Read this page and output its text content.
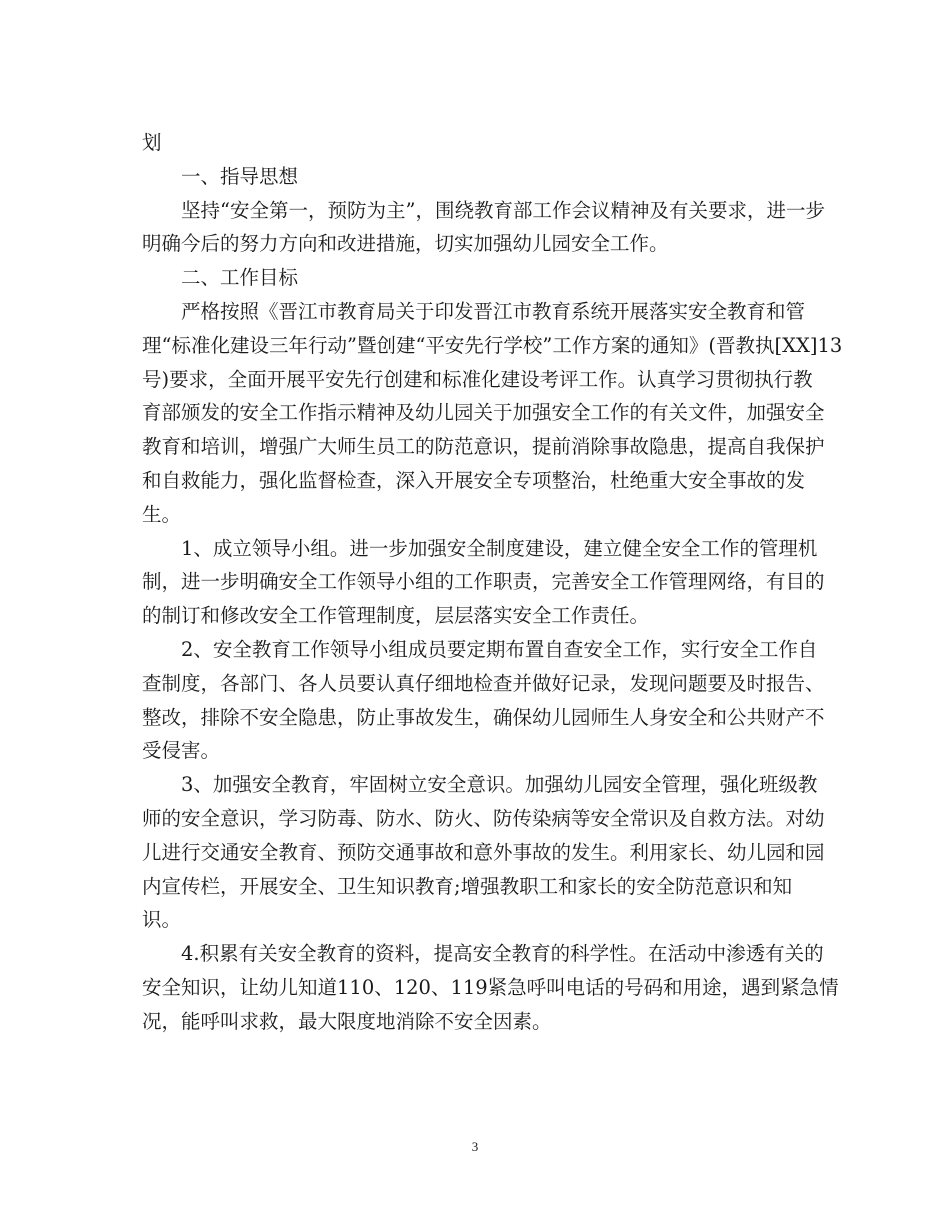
划
一、指导思想
坚持“安全第一，预防为主”，围绕教育部工作会议精神及有关要求，进一步
明确今后的努力方向和改进措施，切实加强幼儿园安全工作。
二、工作目标
严格按照《晋江市教育局关于印发晋江市教育系统开展落实安全教育和管
理“标准化建设三年行动”暨创建“平安先行学校”工作方案的通知》(晋教执[XX]13
号)要求，全面开展平安先行创建和标准化建设考评工作。认真学习贯彻执行教
育部颁发的安全工作指示精神及幼儿园关于加强安全工作的有关文件，加强安全
教育和培训，增强广大师生员工的防范意识，提前消除事故隐患，提高自我保护
和自救能力，强化监督检查，深入开展安全专项整治，杜绝重大安全事故的发
生。
1、成立领导小组。进一步加强安全制度建设，建立健全安全工作的管理机
制，进一步明确安全工作领导小组的工作职责，完善安全工作管理网络，有目的
的制订和修改安全工作管理制度，层层落实安全工作责任。
2、安全教育工作领导小组成员要定期布置自查安全工作，实行安全工作自
查制度，各部门、各人员要认真仔细地检查并做好记录，发现问题要及时报告、
整改，排除不安全隐患，防止事故发生，确保幼儿园师生人身安全和公共财产不
受侵害。
3、加强安全教育，牢固树立安全意识。加强幼儿园安全管理，强化班级教
师的安全意识，学习防毒、防水、防火、防传染病等安全常识及自救方法。对幼
儿进行交通安全教育、预防交通事故和意外事故的发生。利用家长、幼儿园和园
内宣传栏，开展安全、卫生知识教育;增强教职工和家长的安全防范意识和知
识。
4.积累有关安全教育的资料，提高安全教育的科学性。在活动中渗透有关的
安全知识，让幼儿知道110、120、119紧急呼叫电话的号码和用途，遇到紧急情
况，能呼叫求救，最大限度地消除不安全因素。
3
